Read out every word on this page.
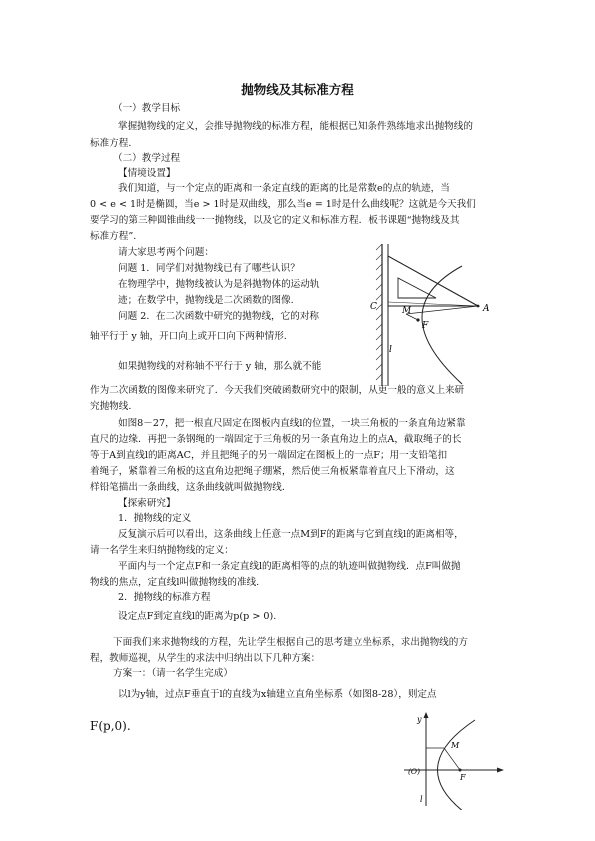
抛物线及其标准方程
（一）教学目标
掌握抛物线的定义，会推导抛物线的标准方程，能根据已知条件熟练地求出抛物线的
标准方程.
（二）教学过程
【情境设置】
我们知道，与一个定点的距离和一条定直线的距离的比是常数e的点的轨迹，当
0 < e < 1时是椭圆，当e > 1时是双曲线，那么当e = 1时是什么曲线呢？这就是今天我们
要学习的第三种圆锥曲线一一抛物线，以及它的定义和标准方程．板书课题“抛物线及其
标准方程”.
请大家思考两个问题：
问题 1．同学们对抛物线已有了哪些认识？
在物理学中，抛物线被认为是斜抛物体的运动轨
迹；在数学中，抛物线是二次函数的图像.
问题 2．在二次函数中研究的抛物线，它的对称
轴平行于 y 轴，开口向上或开口向下两种情形.
如果抛物线的对称轴不平行于 y 轴，那么就不能
作为二次函数的图像来研究了．今天我们突破函数研究中的限制，从更一般的意义上来研
究抛物线.
如图8－27，把一根直尺固定在图板内直线l的位置，一块三角板的一条直角边紧靠
直尺的边缘．再把一条钢绳的一端固定于三角板的另一条直角边上的点A，截取绳子的长
等于A到直线l的距离AC，并且把绳子的另一端固定在图板上的一点F；用一支铅笔扣
着绳子，紧靠着三角板的这直角边把绳子绷紧，然后使三角板紧靠着直尺上下滑动，这
样铅笔描出一条曲线，这条曲线就叫做抛物线.
【探索研究】
1．抛物线的定义
反复演示后可以看出，这条曲线上任意一点M到F的距离与它到直线l的距离相等，
请一名学生来归纳抛物线的定义：
平面内与一个定点F和一条定直线l的距离相等的点的轨迹叫做抛物线．点F叫做抛
物线的焦点，定直线l叫做抛物线的准线.
2．抛物线的标准方程
设定点F到定直线l的距离为p(p > 0).
下面我们来求抛物线的方程，先让学生根据自己的思考建立坐标系，求出抛物线的方
程，教师巡视，从学生的求法中归纳出以下几种方案：
方案一：（请一名学生完成）
以l为y轴，过点F垂直于l的直线为x轴建立直角坐标系（如图8-28），则定点
F(p,0).
C	M
F
A
l
y
M
F
(O)
l
